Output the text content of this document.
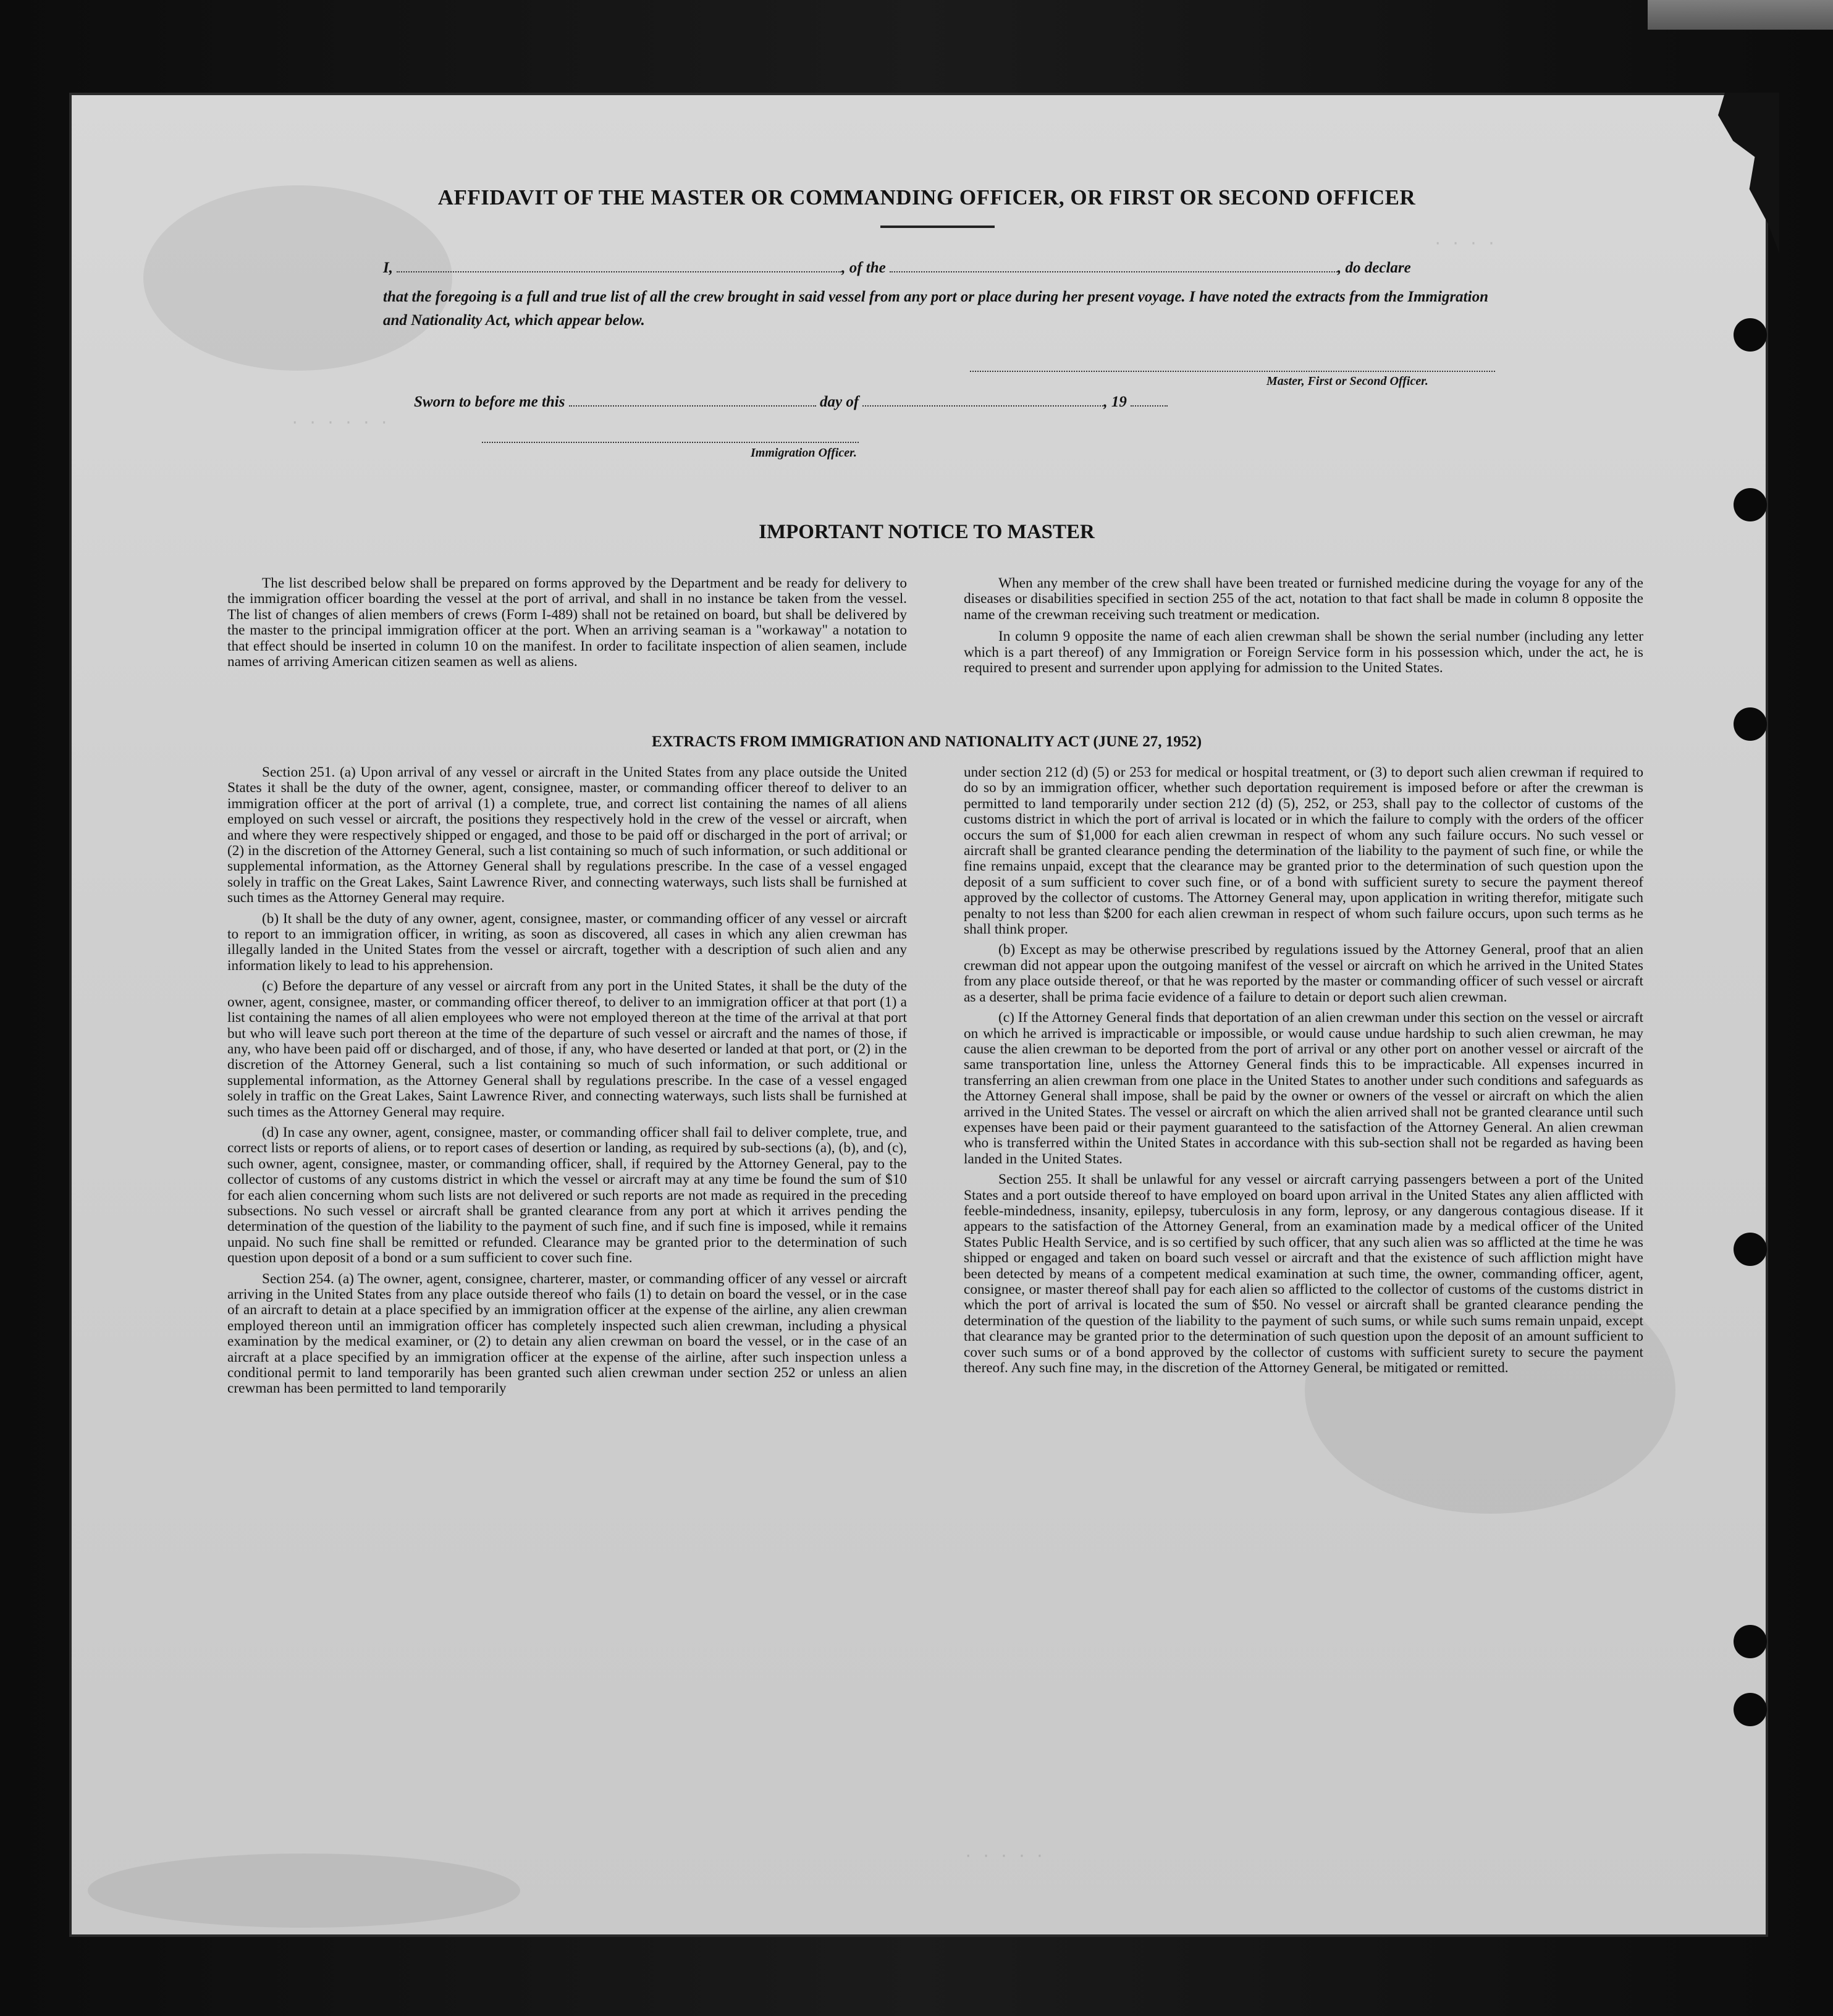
AFFIDAVIT OF THE MASTER OR COMMANDING OFFICER, OR FIRST OR SECOND OFFICER
I,	, of the	, do declare
that the foregoing is a full and true list of all the crew brought in said vessel from any port or place during her present voyage. I have noted the extracts from the Immigration and Nationality Act, which appear below.
Master, First or Second Officer.
Sworn to before me this	day of	, 19
Immigration Officer.
IMPORTANT NOTICE TO MASTER

The list described below shall be prepared on forms approved by the Department and be ready for delivery to the immigration officer boarding the vessel at the port of arrival, and shall in no instance be taken from the vessel. The list of changes of alien members of crews (Form I-489) shall not be retained on board, but shall be delivered by the master to the principal immigration officer at the port. When an arriving seaman is a "workaway" a notation to that effect should be inserted in column 10 on the manifest. In order to facilitate inspection of alien seamen, include names of arriving American citizen seamen as well as aliens.

When any member of the crew shall have been treated or furnished medicine during the voyage for any of the diseases or disabilities specified in section 255 of the act, notation to that fact shall be made in column 8 opposite the name of the crewman receiving such treatment or medication.

In column 9 opposite the name of each alien crewman shall be shown the serial number (including any letter which is a part thereof) of any Immigration or Foreign Service form in his possession which, under the act, he is required to present and surrender upon applying for admission to the United States.

EXTRACTS FROM IMMIGRATION AND NATIONALITY ACT (JUNE 27, 1952)

Section 251. (a) Upon arrival of any vessel or aircraft in the United States from any place outside the United States it shall be the duty of the owner, agent, consignee, master, or commanding officer thereof to deliver to an immigration officer at the port of arrival (1) a complete, true, and correct list containing the names of all aliens employed on such vessel or aircraft, the positions they respectively hold in the crew of the vessel or aircraft, when and where they were respectively shipped or engaged, and those to be paid off or discharged in the port of arrival; or (2) in the discretion of the Attorney General, such a list containing so much of such information, or such additional or supplemental information, as the Attorney General shall by regulations prescribe. In the case of a vessel engaged solely in traffic on the Great Lakes, Saint Lawrence River, and connecting waterways, such lists shall be furnished at such times as the Attorney General may require.

(b) It shall be the duty of any owner, agent, consignee, master, or commanding officer of any vessel or aircraft to report to an immigration officer, in writing, as soon as discovered, all cases in which any alien crewman has illegally landed in the United States from the vessel or aircraft, together with a description of such alien and any information likely to lead to his apprehension.

(c) Before the departure of any vessel or aircraft from any port in the United States, it shall be the duty of the owner, agent, consignee, master, or commanding officer thereof, to deliver to an immigration officer at that port (1) a list containing the names of all alien employees who were not employed thereon at the time of the arrival at that port but who will leave such port thereon at the time of the departure of such vessel or aircraft and the names of those, if any, who have been paid off or discharged, and of those, if any, who have deserted or landed at that port, or (2) in the discretion of the Attorney General, such a list containing so much of such information, or such additional or supplemental information, as the Attorney General shall by regulations prescribe. In the case of a vessel engaged solely in traffic on the Great Lakes, Saint Lawrence River, and connecting waterways, such lists shall be furnished at such times as the Attorney General may require.

(d) In case any owner, agent, consignee, master, or commanding officer shall fail to deliver complete, true, and correct lists or reports of aliens, or to report cases of desertion or landing, as required by sub-sections (a), (b), and (c), such owner, agent, consignee, master, or commanding officer, shall, if required by the Attorney General, pay to the collector of customs of any customs district in which the vessel or aircraft may at any time be found the sum of $10 for each alien concerning whom such lists are not delivered or such reports are not made as required in the preceding subsections. No such vessel or aircraft shall be granted clearance from any port at which it arrives pending the determination of the question of the liability to the payment of such fine, and if such fine is imposed, while it remains unpaid. No such fine shall be remitted or refunded. Clearance may be granted prior to the determination of such question upon deposit of a bond or a sum sufficient to cover such fine.

Section 254. (a) The owner, agent, consignee, charterer, master, or commanding officer of any vessel or aircraft arriving in the United States from any place outside thereof who fails (1) to detain on board the vessel, or in the case of an aircraft to detain at a place specified by an immigration officer at the expense of the airline, any alien crewman employed thereon until an immigration officer has completely inspected such alien crewman, including a physical examination by the medical examiner, or (2) to detain any alien crewman on board the vessel, or in the case of an aircraft at a place specified by an immigration officer at the expense of the airline, after such inspection unless a conditional permit to land temporarily has been granted such alien crewman under section 252 or unless an alien crewman has been permitted to land temporarily

under section 212 (d) (5) or 253 for medical or hospital treatment, or (3) to deport such alien crewman if required to do so by an immigration officer, whether such deportation requirement is imposed before or after the crewman is permitted to land temporarily under section 212 (d) (5), 252, or 253, shall pay to the collector of customs of the customs district in which the port of arrival is located or in which the failure to comply with the orders of the officer occurs the sum of $1,000 for each alien crewman in respect of whom any such failure occurs. No such vessel or aircraft shall be granted clearance pending the determination of the liability to the payment of such fine, or while the fine remains unpaid, except that the clearance may be granted prior to the determination of such question upon the deposit of a sum sufficient to cover such fine, or of a bond with sufficient surety to secure the payment thereof approved by the collector of customs. The Attorney General may, upon application in writing therefor, mitigate such penalty to not less than $200 for each alien crewman in respect of whom such failure occurs, upon such terms as he shall think proper.

(b) Except as may be otherwise prescribed by regulations issued by the Attorney General, proof that an alien crewman did not appear upon the outgoing manifest of the vessel or aircraft on which he arrived in the United States from any place outside thereof, or that he was reported by the master or commanding officer of such vessel or aircraft as a deserter, shall be prima facie evidence of a failure to detain or deport such alien crewman.

(c) If the Attorney General finds that deportation of an alien crewman under this section on the vessel or aircraft on which he arrived is impracticable or impossible, or would cause undue hardship to such alien crewman, he may cause the alien crewman to be deported from the port of arrival or any other port on another vessel or aircraft of the same transportation line, unless the Attorney General finds this to be impracticable. All expenses incurred in transferring an alien crewman from one place in the United States to another under such conditions and safeguards as the Attorney General shall impose, shall be paid by the owner or owners of the vessel or aircraft on which the alien arrived in the United States. The vessel or aircraft on which the alien arrived shall not be granted clearance until such expenses have been paid or their payment guaranteed to the satisfaction of the Attorney General. An alien crewman who is transferred within the United States in accordance with this sub-section shall not be regarded as having been landed in the United States.

Section 255. It shall be unlawful for any vessel or aircraft carrying passengers between a port of the United States and a port outside thereof to have employed on board upon arrival in the United States any alien afflicted with feeble-mindedness, insanity, epilepsy, tuberculosis in any form, leprosy, or any dangerous contagious disease. If it appears to the satisfaction of the Attorney General, from an examination made by a medical officer of the United States Public Health Service, and is so certified by such officer, that any such alien was so afflicted at the time he was shipped or engaged and taken on board such vessel or aircraft and that the existence of such affliction might have been detected by means of a competent medical examination at such time, the owner, commanding officer, agent, consignee, or master thereof shall pay for each alien so afflicted to the collector of customs of the customs district in which the port of arrival is located the sum of $50. No vessel or aircraft shall be granted clearance pending the determination of the question of the liability to the payment of such sums, or while such sums remain unpaid, except that clearance may be granted prior to the determination of such question upon the deposit of an amount sufficient to cover such sums or of a bond approved by the collector of customs with sufficient surety to secure the payment thereof. Any such fine may, in the discretion of the Attorney General, be mitigated or remitted.

· · · · · ·
· · · ·
· · · · ·
